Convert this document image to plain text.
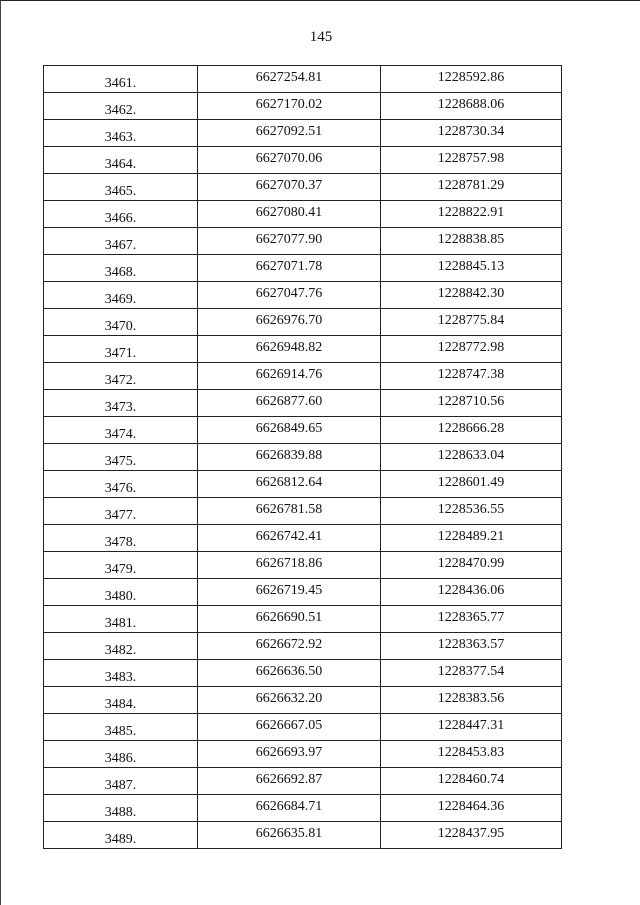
145
3461.	6627254.81	1228592.86
3462.	6627170.02	1228688.06
3463.	6627092.51	1228730.34
3464.	6627070.06	1228757.98
3465.	6627070.37	1228781.29
3466.	6627080.41	1228822.91
3467.	6627077.90	1228838.85
3468.	6627071.78	1228845.13
3469.	6627047.76	1228842.30
3470.	6626976.70	1228775.84
3471.	6626948.82	1228772.98
3472.	6626914.76	1228747.38
3473.	6626877.60	1228710.56
3474.	6626849.65	1228666.28
3475.	6626839.88	1228633.04
3476.	6626812.64	1228601.49
3477.	6626781.58	1228536.55
3478.	6626742.41	1228489.21
3479.	6626718.86	1228470.99
3480.	6626719.45	1228436.06
3481.	6626690.51	1228365.77
3482.	6626672.92	1228363.57
3483.	6626636.50	1228377.54
3484.	6626632.20	1228383.56
3485.	6626667.05	1228447.31
3486.	6626693.97	1228453.83
3487.	6626692.87	1228460.74
3488.	6626684.71	1228464.36
3489.	6626635.81	1228437.95
